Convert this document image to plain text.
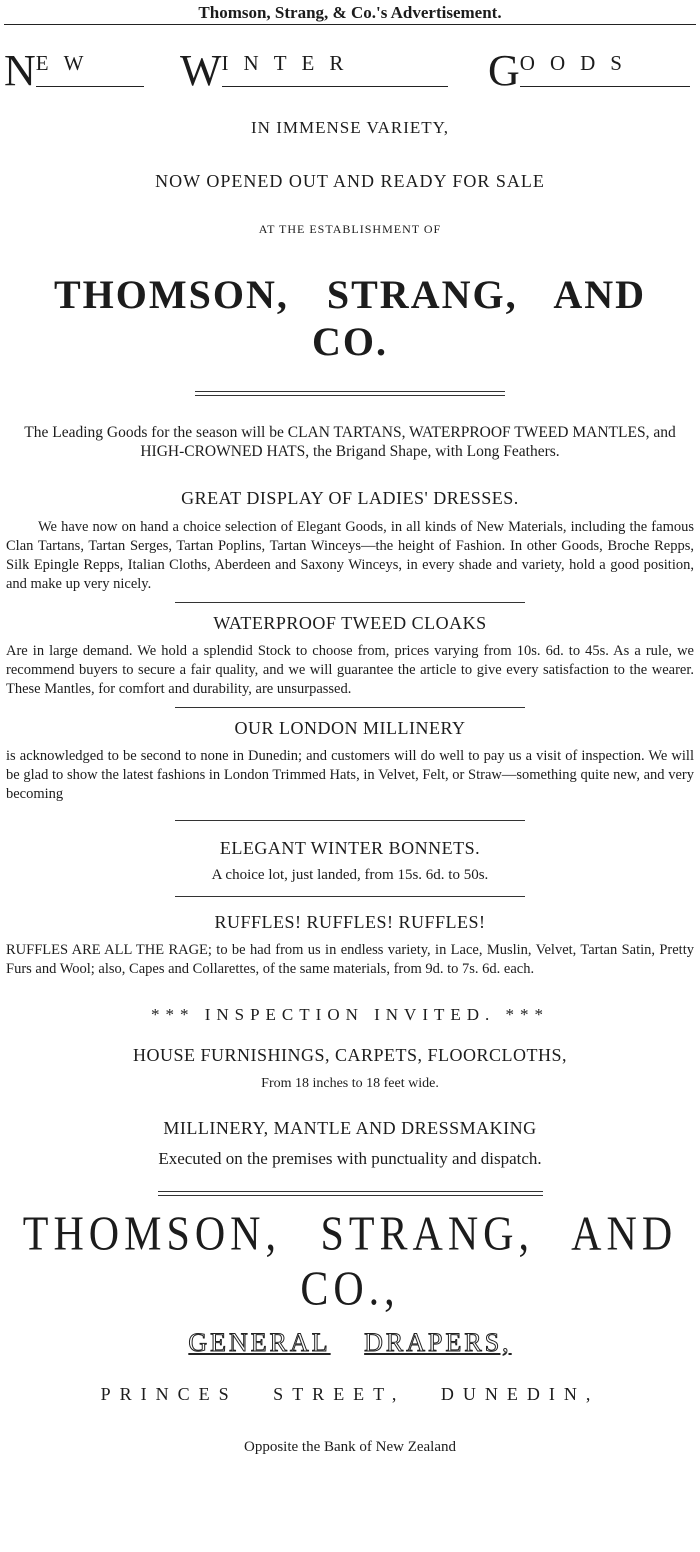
Thomson, Strang, & Co.'s Advertisement.
NEW	WINTER	GOODS
IN IMMENSE VARIETY,
NOW OPENED OUT AND READY FOR SALE
AT THE ESTABLISHMENT OF
THOMSON, STRANG, AND CO.
The Leading Goods for the season will be CLAN TARTANS, WATERPROOF TWEED MANTLES, and HIGH-CROWNED HATS, the Brigand Shape, with Long Feathers.
GREAT DISPLAY OF LADIES' DRESSES.
We have now on hand a choice selection of Elegant Goods, in all kinds of New Materials, including the famous Clan Tartans, Tartan Serges, Tartan Poplins, Tartan Winceys—the height of Fashion. In other Goods, Broche Repps, Silk Epingle Repps, Italian Cloths, Aberdeen and Saxony Winceys, in every shade and variety, hold a good position, and make up very nicely.
WATERPROOF TWEED CLOAKS
Are in large demand. We hold a splendid Stock to choose from, prices varying from 10s. 6d. to 45s. As a rule, we recommend buyers to secure a fair quality, and we will guarantee the article to give every satisfaction to the wearer. These Mantles, for comfort and durability, are unsurpassed.
OUR LONDON MILLINERY
is acknowledged to be second to none in Dunedin; and customers will do well to pay us a visit of inspection. We will be glad to show the latest fashions in London Trimmed Hats, in Velvet, Felt, or Straw—something quite new, and very becoming
ELEGANT WINTER BONNETS.
A choice lot, just landed, from 15s. 6d. to 50s.
RUFFLES! RUFFLES! RUFFLES!
RUFFLES ARE ALL THE RAGE; to be had from us in endless variety, in Lace, Muslin, Velvet, Tartan Satin, Pretty Furs and Wool; also, Capes and Collarettes, of the same materials, from 9d. to 7s. 6d. each.
*** INSPECTION INVITED. ***
HOUSE FURNISHINGS, CARPETS, FLOORCLOTHS,
From 18 inches to 18 feet wide.
MILLINERY, MANTLE AND DRESSMAKING
Executed on the premises with punctuality and dispatch.
THOMSON, STRANG, AND CO.,
GENERAL DRAPERS,
PRINCES STREET, DUNEDIN,
Opposite the Bank of New Zealand
